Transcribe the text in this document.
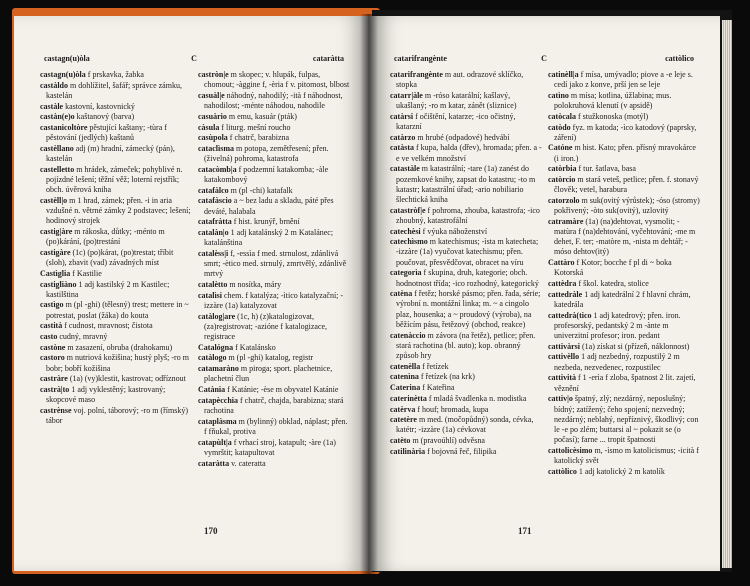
castagn(u)òla	C	cataràtta

castagn(u)òla f prskavka, žabka

castàldo m dohlížitel, šafář; správce zámku, kastelán

castàle kastovní, kastovnický

castàn(e)o kaštanový (barva)

castanicoltòre pěstující kaštany; -tùra f pěstování (jedlých) kaštanů

castèllano adj (m) hradní, zámecký (pán), kastelán

castelletto m hrádek, zámeček; pohyblivé n. pojízdné lešení; těžní věž; loterní rejstřík; obch. úvěrová kniha

castèll|o m 1 hrad, zámek; přen. -i in aria vzdušné n. větrné zámky 2 podstavec; lešení; hodinový strojek

castig|àre m rákoska, důtky; -ménto m (po)kárání, (po)trestání

castigàre (1c) (po)kárat, (po)trestat; tříbit (sloh), zbavit (vad) závadných míst

Castìglia f Kastilie

castigliàno 1 adj kastilský 2 m Kastilec; kastilština

castìgo m (pl -ghi) (tělesný) trest; mettere in ~ potrestat, poslat (žáka) do kouta

castità f cudnost, mravnost; čistota

casto cudný, mravný

castòne m zasazení, obruba (drahokamu)

castoro m nutriová kožišina; hustý plyš; -ro m bobr; bobří kožišina

castràre (1a) (vy)klestit, kastrovat; odříznout

castrà|to 1 adj vyklestěný; kastrovaný; skopcové maso

castrènse voj. polní, táborový; -ro m (římský) tábor

castròn|e m skopec; v. hlupák, fulpas, chomout; -àggine f, -èria f v. pitomost, blbost

casuàl|e náhodný, nahodilý; -ità f náhodnost, nahodilost; -ménte náhodou, nahodile

casuàrio m emu, kasuár (pták)

càsula f liturg. mešní roucho

casùpola f chatrč, barabizna

cataclìsma m potopa, zemětřesení; přen. (živelná) pohroma, katastrofa

catacòmb|a f podzemní katakomba; -àle katakombový

catafàlco m (pl -chi) katafalk

catafàscio a ~ bez ladu a skladu, páté přes deváté, halabala

catafràtta f hist. krunýř, brnění

catalàn|o 1 adj katalánský 2 m Katalánec; katalánština

catalèss|i f, -essìa f med. strnulost, zdánlivá smrt; -ètico med. strnulý, zmrtvělý, zdánlivě mrtvý

catalètto m nosítka, máry

catalìsi chem. f katalýza; -ìtico katalyzační; -izzàre (1a) katalyzovat

catàlog|are (1c, h) (z)katalogizovat, (za)registrovat; -azióne f katalogizace, registrace

Catalógna f Katalánsko

catàlogo m (pl -ghi) katalog, registr

catamaràno m piroga; sport. plachetnice, plachetní člun

Catània f Katánie; -èse m obyvatel Katánie

catapècchia f chatrč, chajda, barabizna; stará rachotina

cataplàsma m (bylinný) obklad, náplast; přen. f fňukal, protiva

catapùlt|a f vrhací stroj, katapult; -àre (1a) vymrštit; katapultovat

cataràtta v. cateratta

170
catarifrangènte	C	cattòlico

catarifrangènte m aut. odrazové sklíčko, stopka

catarr|àle m -róso katarální; kašlavý, ukašlaný; -ro m katar, zánět (sliznice)

catàrsi f očištění, katarze; -ico očistný, katarzní

catàrzo m hrubé (odpadové) hedvábí

catàsta f kupa, halda (dřev), hromada; přen. a -e ve velkém množství

catastàle m katastrální; -tare (1a) zanést do pozemkové knihy, zapsat do katastru; -to m katastr; katastrální úřad; -ario nobiliario šlechtická kniha

catastròf|e f pohroma, zhouba, katastrofa; -ico zhoubný, katastrofální

catechèsi f výuka náboženství

catechìsmo m katechismus; -ìsta m katecheta; -izzàre (1a) vyučovat katechismu; přen. poučovat, přesvědčovat, obracet na víru

categorìa f skupina, druh, kategorie; obch. hodnotnost třída; -ico rozhodný, kategorický

catèna f řetěz; horské pásmo; přen. řada, série; výrobní n. montážní linka; m. ~ a cingolo plaz, housenka; a ~ proudový (výroba), na běžícím pásu, řetězový (obchod, reakce)

catenàccio m závora (na řetěz), petlice; přen. stará rachotina (bl. auto); kop. obranný způsob hry

catenèlla f řetízek

catenìna f řetízek (na krk)

Caterina f Kateřina

caterinètta f mladá švadlenka n. modistka

catèrva f houf; hromada, kupa

catetère m med. (močopůdný) sonda, cévka, katétr; -izzàre (1a) cévkovat

catèto m (pravoúhlí) odvěsna

catilinària f bojovná řeč, filipika

catinèll|a f mísa, umývadlo; piove a -e leje s. cedí jako z konve, prší jen se leje

catìno m mísa; kotlina, úžlabina; mus. polokruhová klenutí (v apsidě)

catòcala f stužkonoska (motýl)

catòdo fyz. m katoda; -ìco katodový (paprsky, záření)

Catóne m hist. Kato; přen. přísný mravokárce (i iron.)

catòrbia f tur. šatlava, basa

catòrcio m stará veteš, petlice; přen. f. stonavý člověk; vetel, harabura

catorzolo m suk(ovitý výrůstek); -óso (stromy) pokřivený; -òto suk(ovitý), uzlovitý

catramàre (1a) (na)dehtovat, vysmolit; -matùra f (na)dehtování, vyčehtování; -me m dehet, F. ter; -matòre m, -nista m dehtář; -móso dehtov(itý)

Cattàro f Kotor; bocche f pl di ~ boka Kotorská

cattèdra f škol. katedra, stolice

cattedràle 1 adj katedrální 2 f hlavní chrám, katedrála

cattedrà(tico 1 adj katedrový; přen. iron. profesorský, pedantský 2 m -ànte m univerzitní profesor; iron. pedant

cattivàrsi (1a) získat si (přízeň, náklonnost)

cattivèllo 1 adj nezbedný, rozpustilý 2 m nezbeda, nezvedenec, rozpustilec

cattività f 1 -erìa f zloba, špatnost 2 lit. zajetí, věznění

cattiv|o špatný, zlý; nezdárný, neposlušný; bídný; zatížený; čeho spojení; nezvedný; nezdárný; neblahý, nepříznivý, škodlivý; con le -e po zlém; buttarsi al ~ pokazit se (o počasí); farne ... tropit špatnosti

cattolicèsimo m, -ìsmo m katolicismus; -icità f katolický svět

cattòlico 1 adj katolický 2 m katolík

171
